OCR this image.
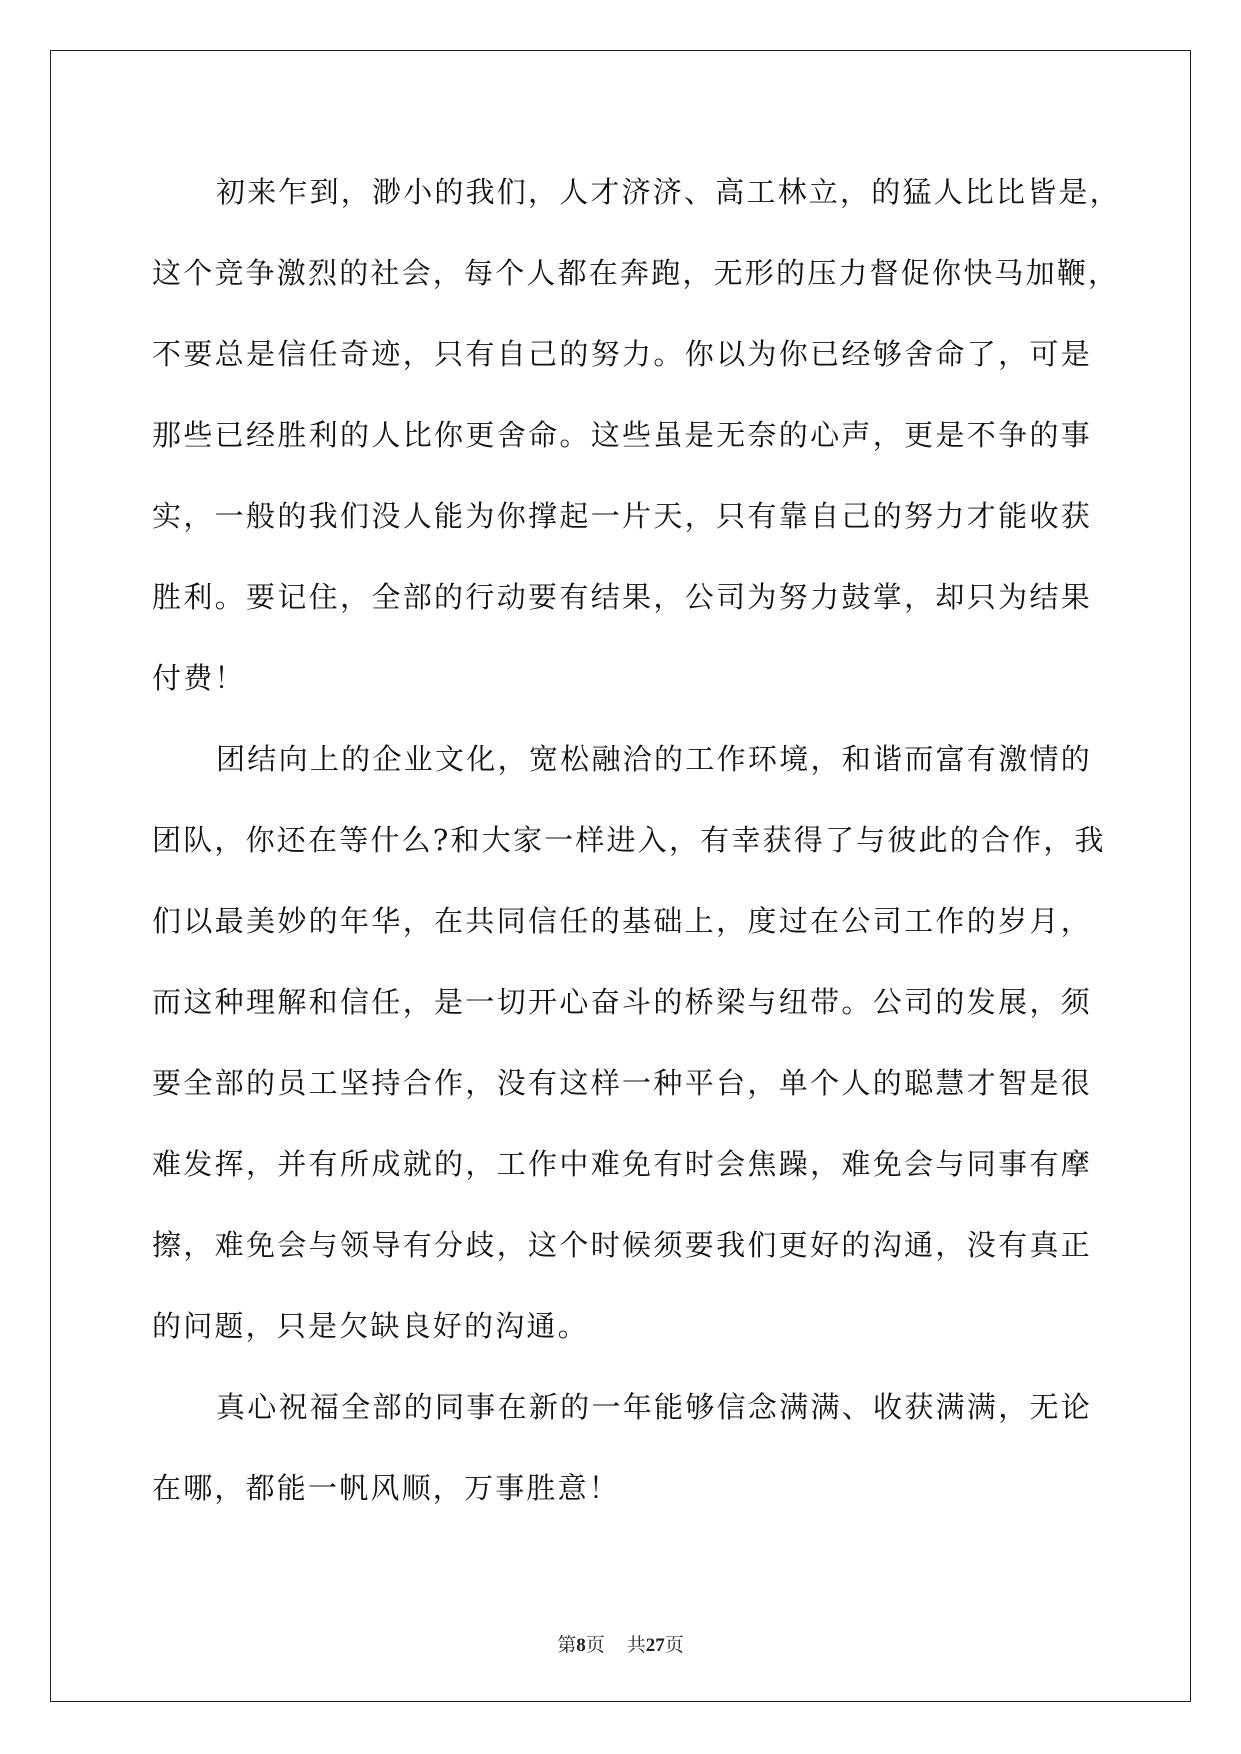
初来乍到，渺小的我们，人才济济、高工林立，的猛人比比皆是，
这个竞争激烈的社会，每个人都在奔跑，无形的压力督促你快马加鞭，
不要总是信任奇迹，只有自己的努力。你以为你已经够舍命了，可是
那些已经胜利的人比你更舍命。这些虽是无奈的心声，更是不争的事
实，一般的我们没人能为你撑起一片天，只有靠自己的努力才能收获
胜利。要记住，全部的行动要有结果，公司为努力鼓掌，却只为结果
付费！
团结向上的企业文化，宽松融洽的工作环境，和谐而富有激情的
团队，你还在等什么?和大家一样进入，有幸获得了与彼此的合作，我
们以最美妙的年华，在共同信任的基础上，度过在公司工作的岁月，
而这种理解和信任，是一切开心奋斗的桥梁与纽带。公司的发展，须
要全部的员工坚持合作，没有这样一种平台，单个人的聪慧才智是很
难发挥，并有所成就的，工作中难免有时会焦躁，难免会与同事有摩
擦，难免会与领导有分歧，这个时候须要我们更好的沟通，没有真正
的问题，只是欠缺良好的沟通。
真心祝福全部的同事在新的一年能够信念满满、收获满满，无论
在哪，都能一帆风顺，万事胜意！
第8页 共27页
